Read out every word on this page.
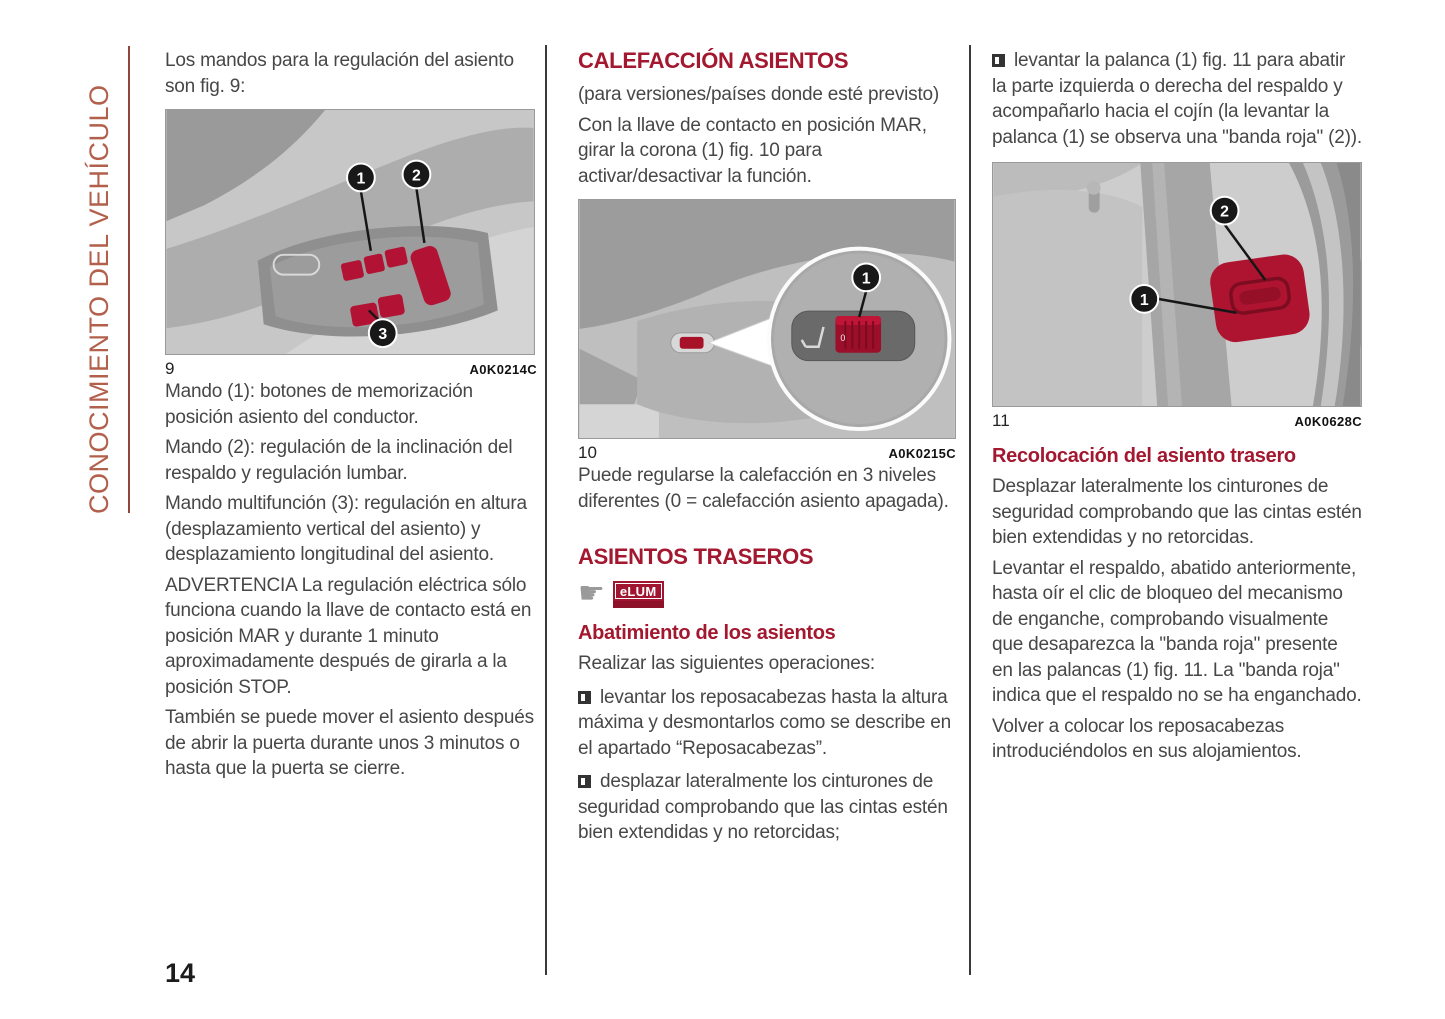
CONOCIMIENTO DEL VEHÍCULO

Los mandos para la regulación del asiento son fig. 9:

1	2
3
9	A0K0214C

Mando (1): botones de memorización posición asiento del conductor.

Mando (2): regulación de la inclinación del respaldo y regulación lumbar.

Mando multifunción (3): regulación en altura (desplazamiento vertical del asiento) y desplazamiento longitudinal del asiento.

ADVERTENCIA La regulación eléctrica sólo funciona cuando la llave de contacto está en posición MAR y durante 1 minuto aproximadamente después de girarla a la posición STOP.

También se puede mover el asiento después de abrir la puerta durante unos 3 minutos o hasta que la puerta se cierre.

CALEFACCIÓN ASIENTOS

(para versiones/países donde esté previsto)

Con la llave de contacto en posición MAR, girar la corona (1) fig. 10 para activar/desactivar la función.

0
1
10	A0K0215C

Puede regularse la calefacción en 3 niveles diferentes (0 = calefacción asiento apagada).

ASIENTOS TRASEROS
☛	eLUM
Abatimiento de los asientos

Realizar las siguientes operaciones:

levantar los reposacabezas hasta la altura máxima y desmontarlos como se describe en el apartado “Reposacabezas”.

desplazar lateralmente los cinturones de seguridad comprobando que las cintas estén bien extendidas y no retorcidas;

levantar la palanca (1) fig. 11 para abatir la parte izquierda o derecha del respaldo y acompañarlo hacia el cojín (la levantar la palanca (1) se observa una "banda roja" (2)).

2
1
11	A0K0628C
Recolocación del asiento trasero

Desplazar lateralmente los cinturones de seguridad comprobando que las cintas estén bien extendidas y no retorcidas.

Levantar el respaldo, abatido anteriormente, hasta oír el clic de bloqueo del mecanismo de enganche, comprobando visualmente que desaparezca la "banda roja" presente en las palancas (1) fig. 11. La "banda roja" indica que el respaldo no se ha enganchado.

Volver a colocar los reposacabezas introduciéndolos en sus alojamientos.

14
